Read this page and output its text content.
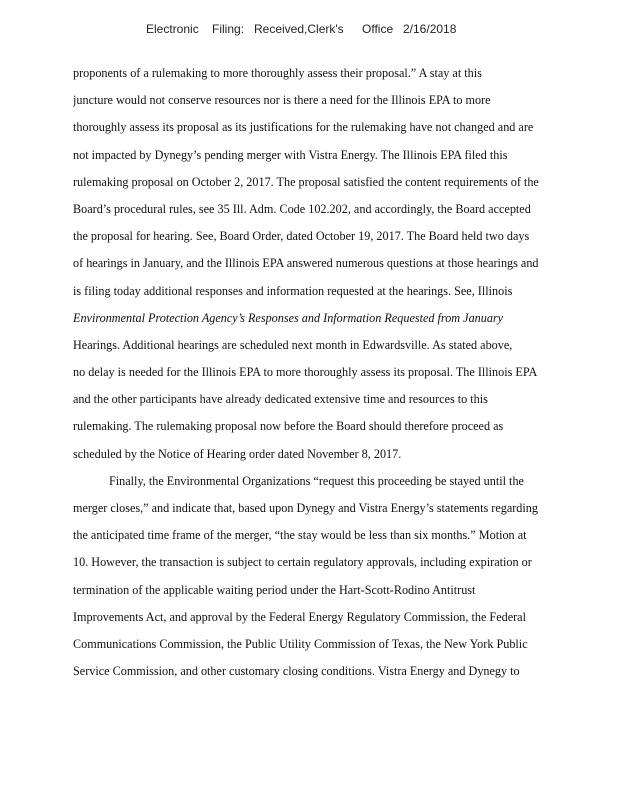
Electronic Filing: Received,Clerk's Office 2/16/2018
proponents of a rulemaking to more thoroughly assess their proposal.” A stay at this
juncture would not conserve resources nor is there a need for the Illinois EPA to more
thoroughly assess its proposal as its justifications for the rulemaking have not changed and are
not impacted by Dynegy’s pending merger with Vistra Energy. The Illinois EPA filed this
rulemaking proposal on October 2, 2017. The proposal satisfied the content requirements of the
Board’s procedural rules, see 35 Ill. Adm. Code 102.202, and accordingly, the Board accepted
the proposal for hearing. See, Board Order, dated October 19, 2017. The Board held two days
of hearings in January, and the Illinois EPA answered numerous questions at those hearings and
is filing today additional responses and information requested at the hearings. See, Illinois
Environmental Protection Agency’s Responses and Information Requested from January
Hearings. Additional hearings are scheduled next month in Edwardsville. As stated above,
no delay is needed for the Illinois EPA to more thoroughly assess its proposal. The Illinois EPA
and the other participants have already dedicated extensive time and resources to this
rulemaking. The rulemaking proposal now before the Board should therefore proceed as
scheduled by the Notice of Hearing order dated November 8, 2017.
Finally, the Environmental Organizations “request this proceeding be stayed until the
merger closes,” and indicate that, based upon Dynegy and Vistra Energy’s statements regarding
the anticipated time frame of the merger, “the stay would be less than six months.” Motion at
10. However, the transaction is subject to certain regulatory approvals, including expiration or
termination of the applicable waiting period under the Hart-Scott-Rodino Antitrust
Improvements Act, and approval by the Federal Energy Regulatory Commission, the Federal
Communications Commission, the Public Utility Commission of Texas, the New York Public
Service Commission, and other customary closing conditions. Vistra Energy and Dynegy to
